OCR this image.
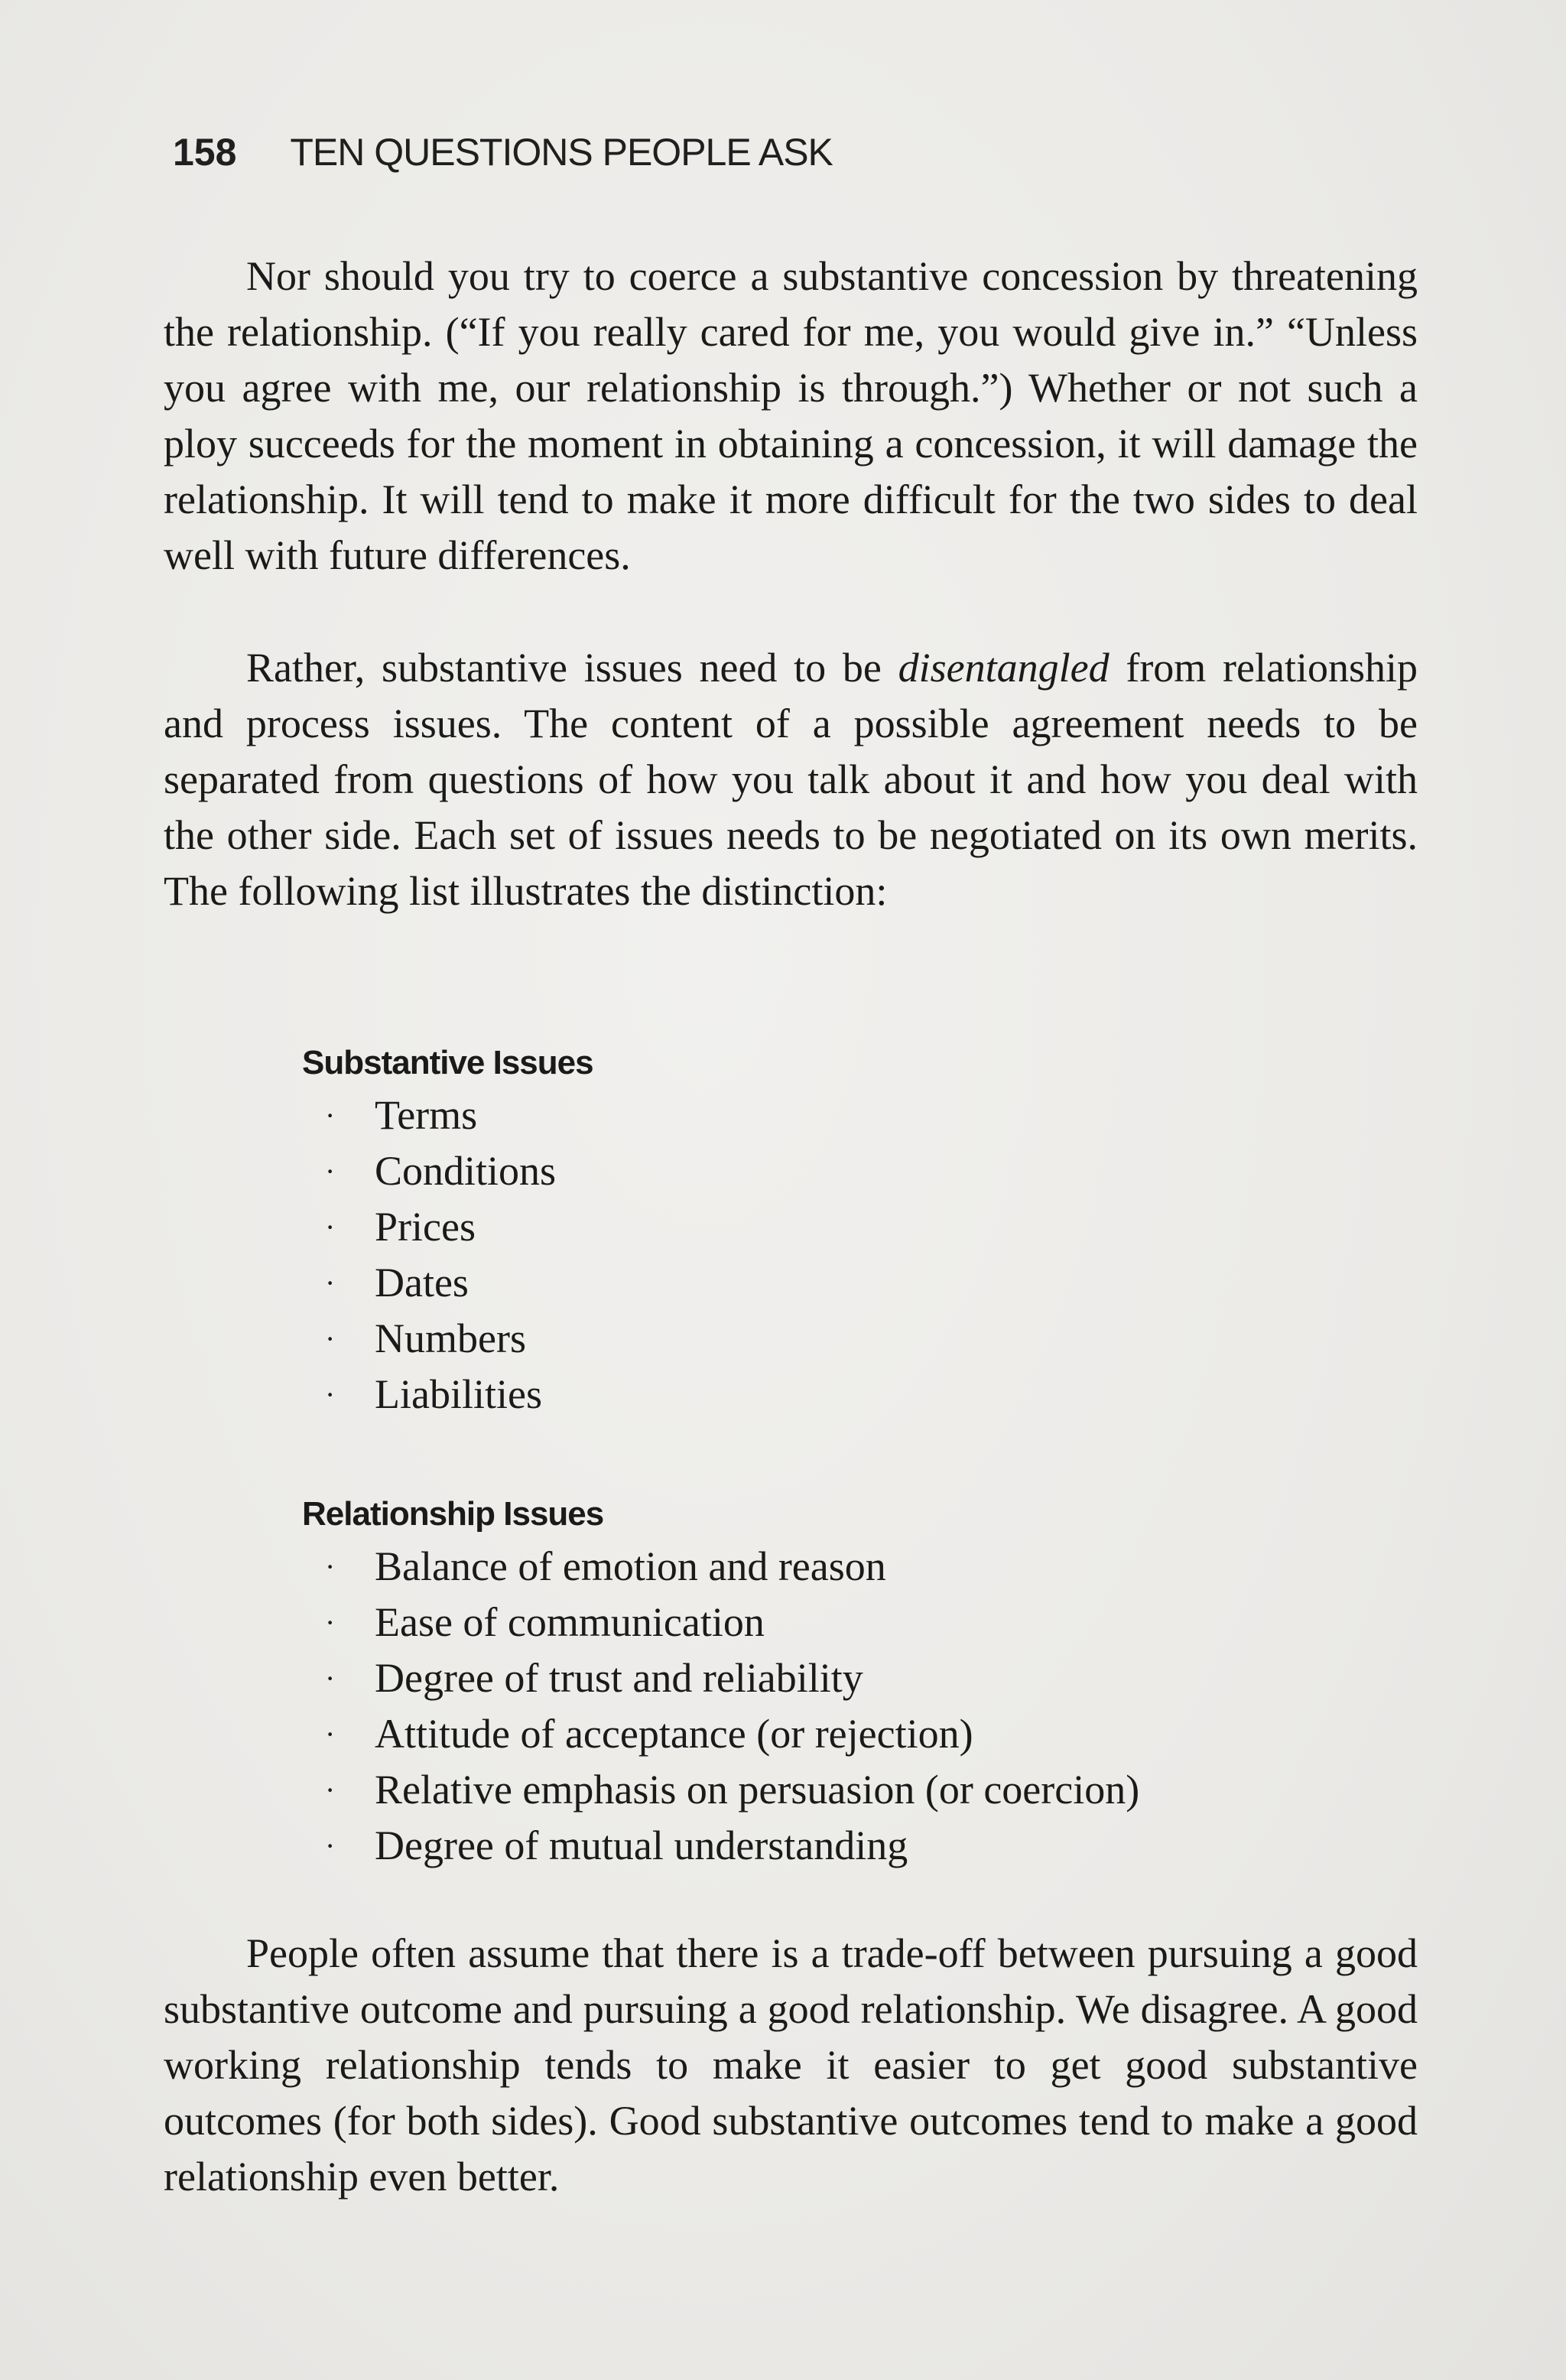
158 TEN QUESTIONS PEOPLE ASK

Nor should you try to coerce a substantive concession by threatening the relationship. (“If you really cared for me, you would give in.” “Unless you agree with me, our relationship is through.”) Whether or not such a ploy succeeds for the moment in obtaining a concession, it will damage the relationship. It will tend to make it more difficult for the two sides to deal well with future differences.

Rather, substantive issues need to be disentangled from relationship and process issues. The content of a possible agreement needs to be separated from questions of how you talk about it and how you deal with the other side. Each set of issues needs to be negotiated on its own merits. The following list illustrates the distinction:

Substantive Issues
· Terms
· Conditions
· Prices
· Dates
· Numbers
· Liabilities
Relationship Issues
· Balance of emotion and reason
· Ease of communication
· Degree of trust and reliability
· Attitude of acceptance (or rejection)
· Relative emphasis on persuasion (or coercion)
· Degree of mutual understanding

People often assume that there is a trade-off between pursuing a good substantive outcome and pursuing a good relationship. We disagree. A good working relationship tends to make it easier to get good substantive outcomes (for both sides). Good substantive outcomes tend to make a good relationship even better.
